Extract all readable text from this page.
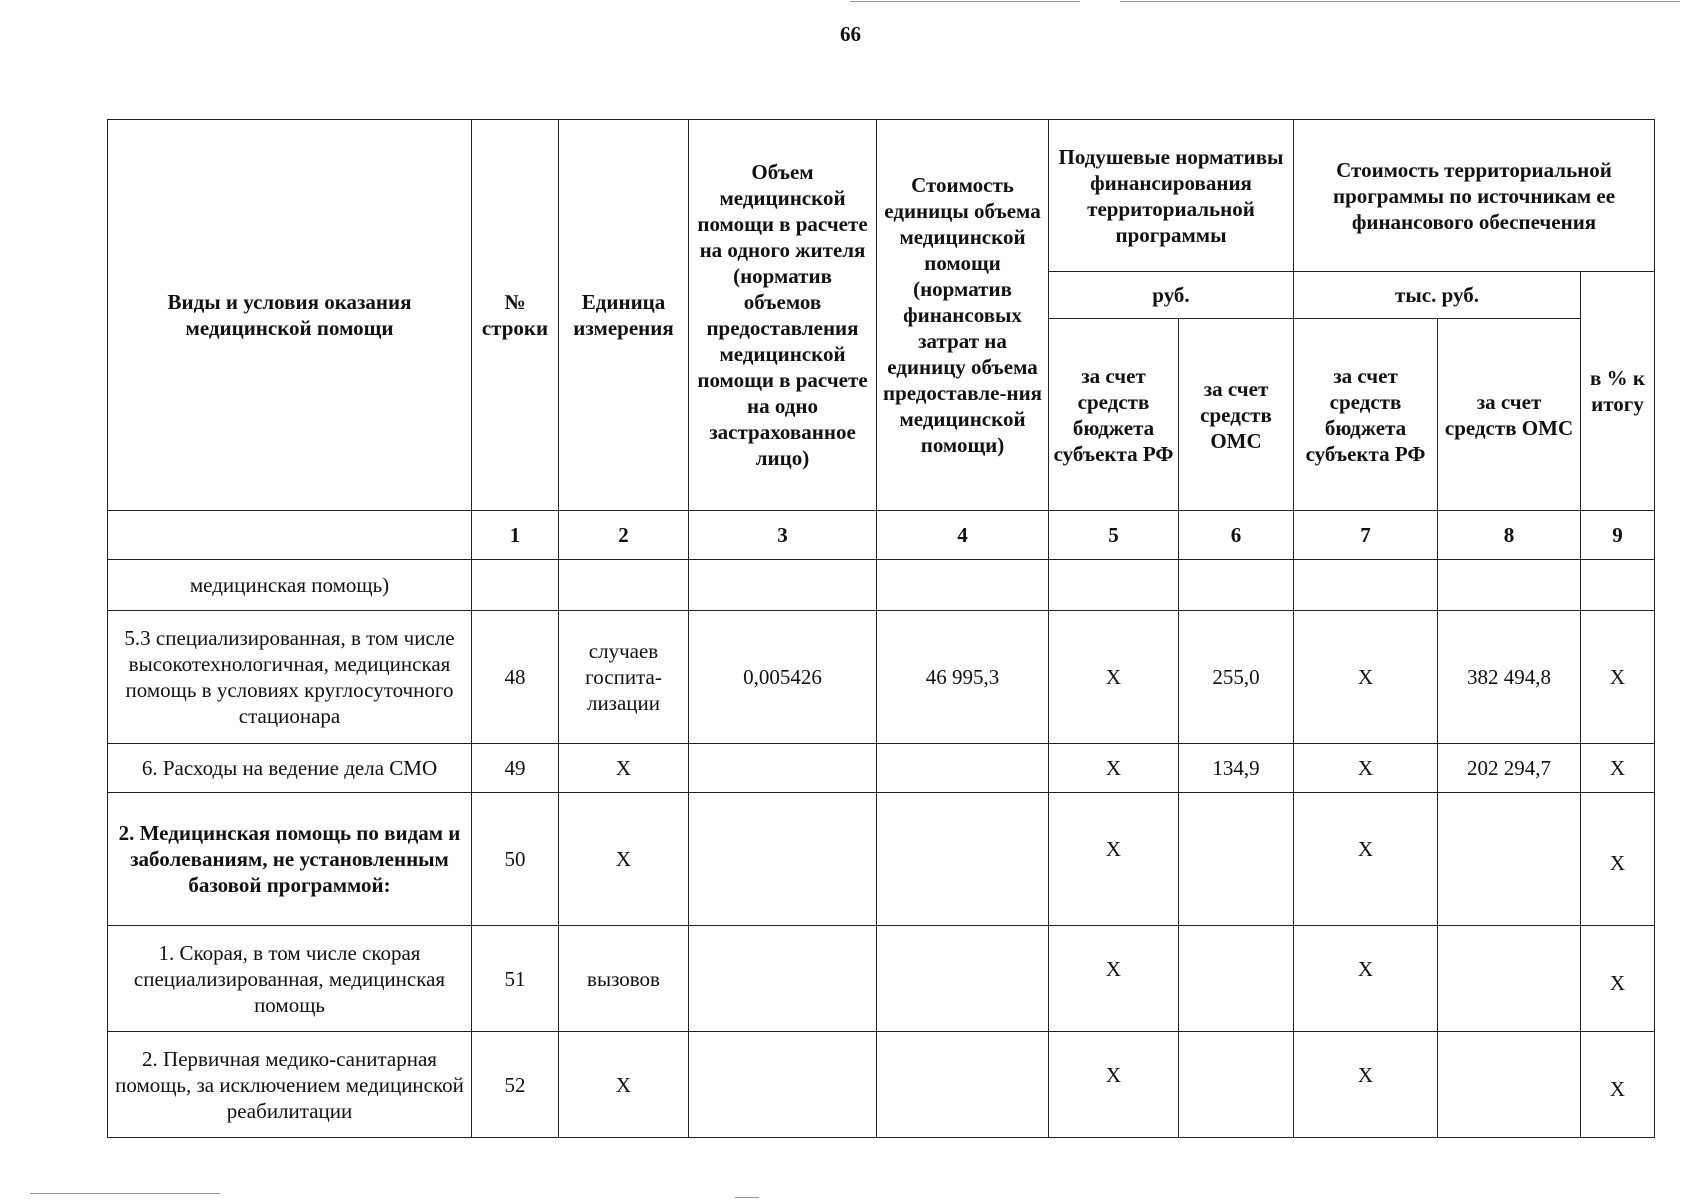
66
Виды и условия оказания медицинской помощи	№ строки	Единица измерения	Объем медицинской помощи в расчете на одного жителя (норматив объемов предоставления медицинской помощи в расчете на одно застрахованное лицо)	Стоимость единицы объема медицинской помощи (норматив финансовых затрат на единицу объема предоставле-ния медицинской помощи)	Подушевые нормативы финансирования территориальной программы		Стоимость территориальной программы по источникам ее финансового обеспечения		
					руб.		тыс. руб.		в % к итогу
					за счет средств бюджета субъекта РФ	за счет средств ОМС	за счет средств бюджета субъекта РФ	за счет средств ОМС	
	1	2	3	4	5	6	7	8	9
медицинская помощь)									
5.3 специализированная, в том числе высокотехнологичная, медицинская помощь в условиях круглосуточного стационара	48	случаев госпита-лизации	0,005426	46 995,3	X	255,0	X	382 494,8	X
6. Расходы на ведение дела СМО	49	X			X	134,9	X	202 294,7	X
2. Медицинская помощь по видам и заболеваниям, не установленным базовой программой:	50	X			X		X		X
1. Скорая, в том числе скорая специализированная, медицинская помощь	51	вызовов			X		X		X
2. Первичная медико-санитарная помощь, за исключением медицинской реабилитации	52	X			X		X		X
